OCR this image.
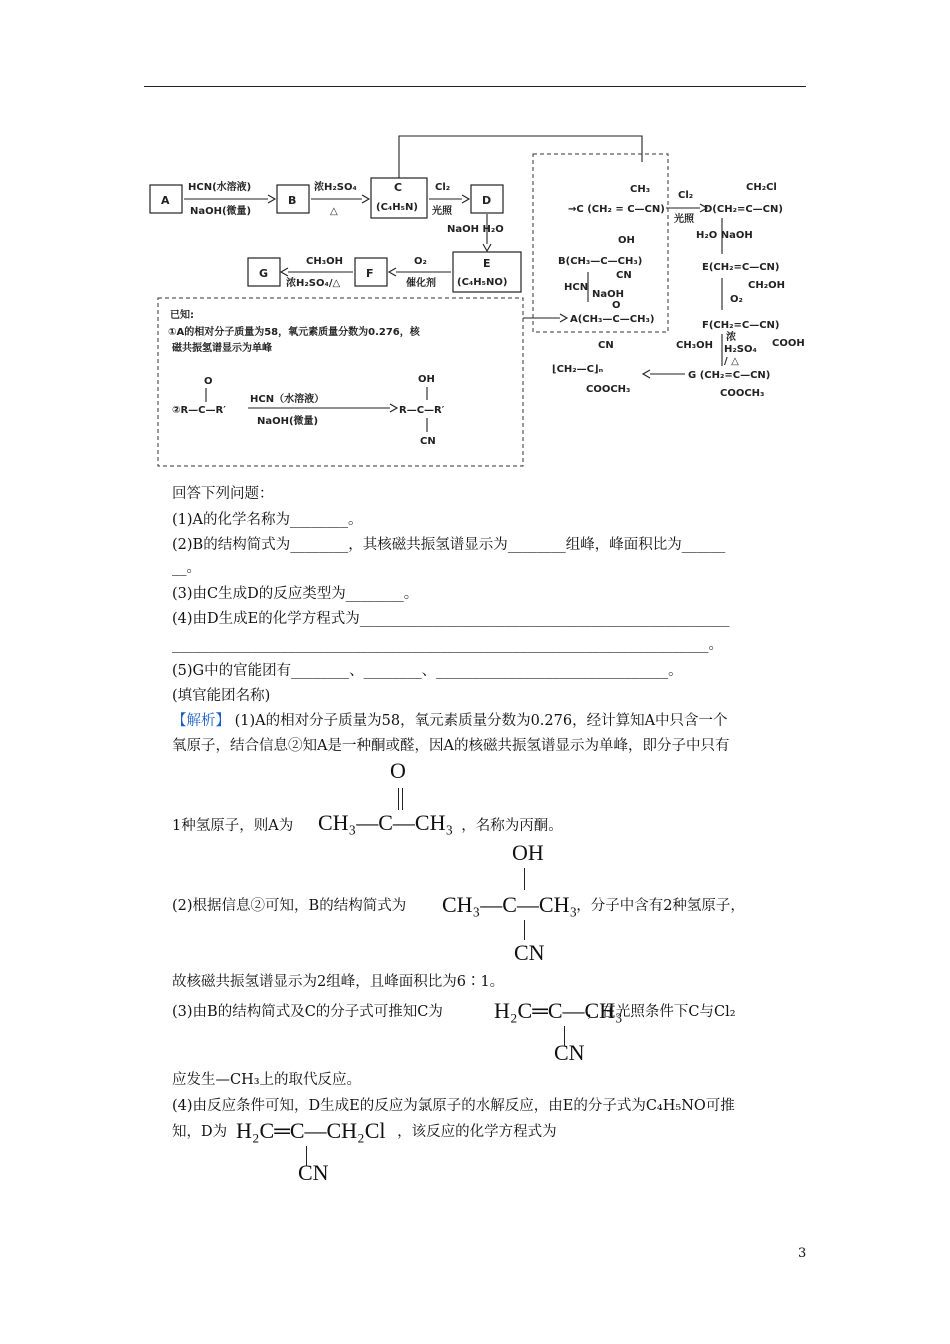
A
HCN(水溶液)
NaOH(微量)
B
浓H₂SO₄
△
C
(C₄H₅N)
Cl₂
光照
D
NaOH H₂O
E
(C₄H₅NO)
O₂
催化剂
F
CH₃OH
浓H₂SO₄/△
G
已知:
①A的相对分子质量为58，氧元素质量分数为0.276，核
磁共振氢谱显示为单峰
O
②R—C—R′
HCN（水溶液）
NaOH(微量)
OH
R—C—R′
CN
CH₃
→C (CH₂ = C—CN)
OH
B(CH₃—C—CH₃)
CN
HCN
NaOH
O
A(CH₃—C—CH₃)
Cl₂
光照
CH₂Cl
D(CH₂=C—CN)
H₂O NaOH
E(CH₂=C—CN)
CH₂OH
O₂
F(CH₂=C—CN)
COOH
浓
H₂SO₄
/ △
CH₃OH
G (CH₂=C—CN)
COOCH₃
CN
⌊CH₂—C⌋ₙ
COOCH₃
回答下列问题：
(1)A的化学名称为________。
(2)B的结构简式为________，其核磁共振氢谱显示为________组峰，峰面积比为______
__。
(3)由C生成D的反应类型为________。
(4)由D生成E的化学方程式为___________________________________________________
__________________________________________________________________________。
(5)G中的官能团有________、________、________________________________。
(填官能团名称)
【解析】 (1)A的相对分子质量为58，氧元素质量分数为0.276，经计算知A中只含一个
氧原子，结合信息②知A是一种酮或醛，因A的核磁共振氢谱显示为单峰，即分子中只有
O
CH₃—C—CH₃
1种氢原子，则A为	，名称为丙酮。
OH
CH₃—C—CH₃
CN
(2)根据信息②可知，B的结构简式为	，分子中含有2种氢原子，
故核磁共振氢谱显示为2组峰，且峰面积比为6∶1。
H₂C═C—CH₃
CN
(3)由B的结构简式及C的分子式可推知C为	，在光照条件下C与Cl₂
应发生—CH₃上的取代反应。
(4)由反应条件可知，D生成E的反应为氯原子的水解反应，由E的分子式为C₄H₅NO可推
H₂C═C—CH₂Cl
CN
知，D为	，该反应的化学方程式为
3
